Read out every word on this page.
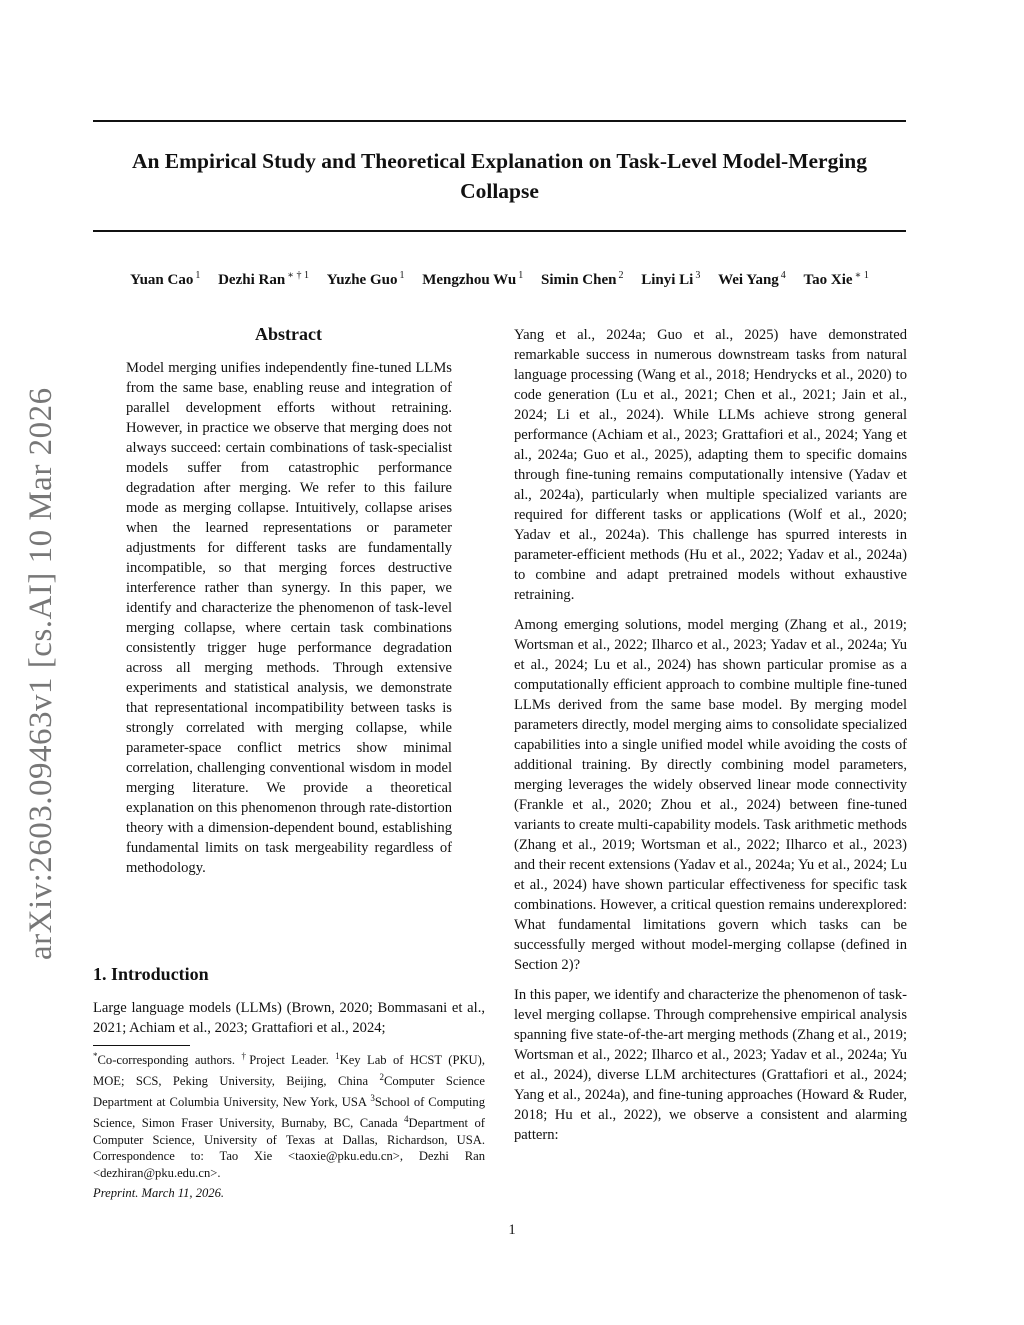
An Empirical Study and Theoretical Explanation on Task-Level Model-Merging Collapse
Yuan Cao $^1$ Dezhi Ran $^{∗ \dagger 1}$ Yuzhe Guo $^1$ Mengzhou Wu $^1$ Simin Chen $^2$ Linyi Li $^3$ Wei Yang $^4$ Tao Xie $^{∗ 1}$
arXiv:2603.09463v1 [cs.AI] 10 Mar 2026
Abstract
Model merging unifies independently fine-tuned LLMs from the same base, enabling reuse and integration of parallel development efforts without retraining. However, in practice we observe that merging does not always succeed: certain combinations of task-specialist models suffer from catastrophic performance degradation after merging. We refer to this failure mode as merging collapse. Intuitively, collapse arises when the learned representations or parameter adjustments for different tasks are fundamentally incompatible, so that merging forces destructive interference rather than synergy. In this paper, we identify and characterize the phenomenon of task-level merging collapse, where certain task combinations consistently trigger huge performance degradation across all merging methods. Through extensive experiments and statistical analysis, we demonstrate that representational incompatibility between tasks is strongly correlated with merging collapse, while parameter-space conflict metrics show minimal correlation, challenging conventional wisdom in model merging literature. We provide a theoretical explanation on this phenomenon through rate-distortion theory with a dimension-dependent bound, establishing fundamental limits on task mergeability regardless of methodology.
1. Introduction
Large language models (LLMs) (Brown, 2020; Bommasani et al., 2021; Achiam et al., 2023; Grattafiori et al., 2024;
*Co-corresponding authors. †Project Leader. $^1$Key Lab of HCST (PKU), MOE; SCS, Peking University, Beijing, China $^2$Computer Science Department at Columbia University, New York, USA $^3$School of Computing Science, Simon Fraser University, Burnaby, BC, Canada $^4$Department of Computer Science, University of Texas at Dallas, Richardson, USA. Correspondence to: Tao Xie <taoxie@pku.edu.cn>, Dezhi Ran <dezhiran@pku.edu.cn>.
Preprint. March 11, 2026.

Yang et al., 2024a; Guo et al., 2025) have demonstrated remarkable success in numerous downstream tasks from natural language processing (Wang et al., 2018; Hendrycks et al., 2020) to code generation (Lu et al., 2021; Chen et al., 2021; Jain et al., 2024; Li et al., 2024). While LLMs achieve strong general performance (Achiam et al., 2023; Grattafiori et al., 2024; Yang et al., 2024a; Guo et al., 2025), adapting them to specific domains through fine-tuning remains computationally intensive (Yadav et al., 2024a), particularly when multiple specialized variants are required for different tasks or applications (Wolf et al., 2020; Yadav et al., 2024a). This challenge has spurred interests in parameter-efficient methods (Hu et al., 2022; Yadav et al., 2024a) to combine and adapt pretrained models without exhaustive retraining.

Among emerging solutions, model merging (Zhang et al., 2019; Wortsman et al., 2022; Ilharco et al., 2023; Yadav et al., 2024a; Yu et al., 2024; Lu et al., 2024) has shown particular promise as a computationally efficient approach to combine multiple fine-tuned LLMs derived from the same base model. By merging model parameters directly, model merging aims to consolidate specialized capabilities into a single unified model while avoiding the costs of additional training. By directly combining model parameters, merging leverages the widely observed linear mode connectivity (Frankle et al., 2020; Zhou et al., 2024) between fine-tuned variants to create multi-capability models. Task arithmetic methods (Zhang et al., 2019; Wortsman et al., 2022; Ilharco et al., 2023) and their recent extensions (Yadav et al., 2024a; Yu et al., 2024; Lu et al., 2024) have shown particular effectiveness for specific task combinations. However, a critical question remains underexplored: What fundamental limitations govern which tasks can be successfully merged without model-merging collapse (defined in Section 2)?

In this paper, we identify and characterize the phenomenon of task-level merging collapse. Through comprehensive empirical analysis spanning five state-of-the-art merging methods (Zhang et al., 2019; Wortsman et al., 2022; Ilharco et al., 2023; Yadav et al., 2024a; Yu et al., 2024), diverse LLM architectures (Grattafiori et al., 2024; Yang et al., 2024a), and fine-tuning approaches (Howard & Ruder, 2018; Hu et al., 2022), we observe a consistent and alarming pattern:

1
